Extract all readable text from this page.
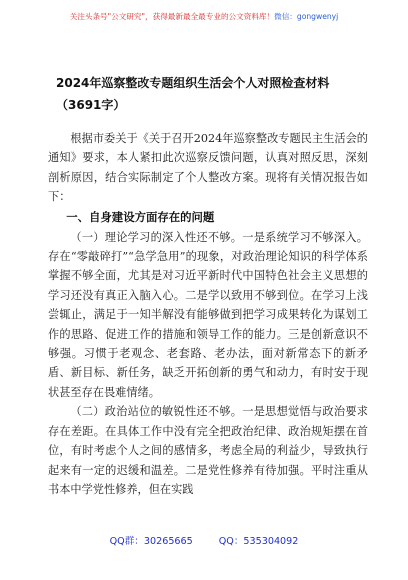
关注头条号"公文研究"，获得最新最全最专业的公文资料库！微信：gongwenyj
2024年巡察整改专题组织生活会个人对照检查材料（3691字）

根据市委关于《关于召开2024年巡察整改专题民主生活会的通知》要求，本人紧扣此次巡察反馈问题，认真对照反思，深刻剖析原因，结合实际制定了个人整改方案。现将有关情况报告如下：

一、自身建设方面存在的问题

（一）理论学习的深入性还不够。一是系统学习不够深入。存在“零敲碎打”“急学急用”的现象，对政治理论知识的科学体系掌握不够全面，尤其是对习近平新时代中国特色社会主义思想的学习还没有真正入脑入心。二是学以致用不够到位。在学习上浅尝辄止，满足于一知半解没有能够做到把学习成果转化为谋划工作的思路、促进工作的措施和领导工作的能力。三是创新意识不够强。习惯于老观念、老套路、老办法，面对新常态下的新矛盾、新目标、新任务，缺乏开拓创新的勇气和动力，有时安于现状甚至存在畏难情绪。

（二）政治站位的敏锐性还不够。一是思想觉悟与政治要求存在差距。在具体工作中没有完全把政治纪律、政治规矩摆在首位，有时考虑个人之间的感情多，考虑全局的利益少，导致执行起来有一定的迟缓和温差。二是党性修养有待加强。平时注重从书本中学党性修养，但在实践

QQ群：30265665	QQ：535304092
